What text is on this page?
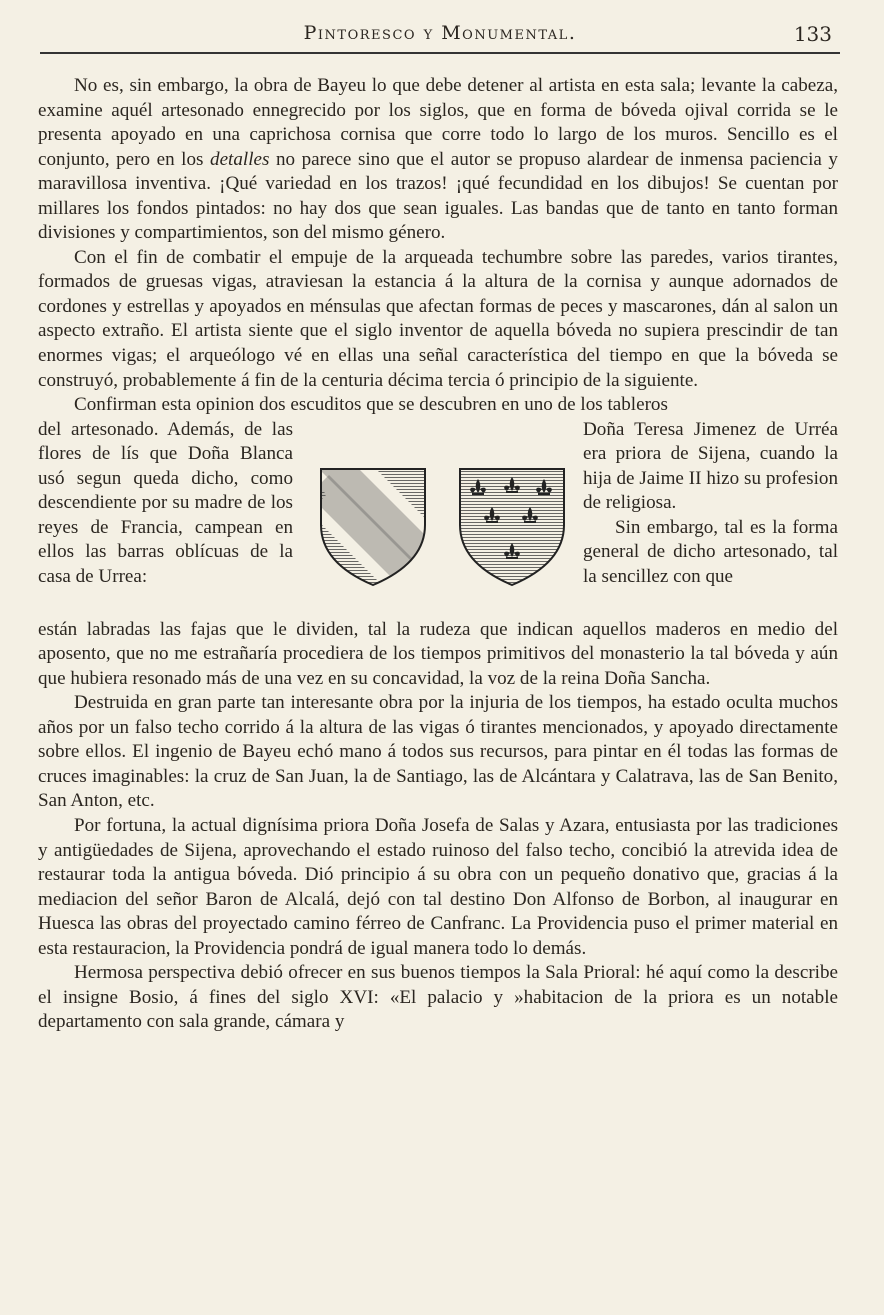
Pintoresco y Monumental.	133

No es, sin embargo, la obra de Bayeu lo que debe detener al artista en esta sala; levante la cabeza, examine aquél artesonado ennegrecido por los siglos, que en forma de bóveda ojival corrida se le presenta apoyado en una caprichosa cornisa que corre todo lo largo de los muros. Sencillo es el conjunto, pero en los detalles no parece sino que el autor se propuso alardear de inmensa paciencia y maravillosa inventiva. ¡Qué variedad en los trazos! ¡qué fecundidad en los dibujos! Se cuentan por millares los fondos pintados: no hay dos que sean iguales. Las bandas que de tanto en tanto forman divisiones y compartimientos, son del mismo género.

Con el fin de combatir el empuje de la arqueada techumbre sobre las paredes, varios tirantes, formados de gruesas vigas, atraviesan la estancia á la altura de la cornisa y aunque adornados de cordones y estrellas y apoyados en ménsulas que afectan formas de peces y mascarones, dán al salon un aspecto extraño. El artista siente que el siglo inventor de aquella bóveda no supiera prescindir de tan enormes vigas; el arqueólogo vé en ellas una señal característica del tiempo en que la bóveda se construyó, probablemente á fin de la centuria décima tercia ó principio de la siguiente.

Confirman esta opinion dos escuditos que se descubren en uno de los tableros

del artesonado. Además, de las flores de lís que Doña Blanca usó segun queda dicho, como descendiente por su madre de los reyes de Francia, campean en ellos las barras oblícuas de la casa de Urrea:

Doña Teresa Jimenez de Urréa era priora de Sijena, cuando la hija de Jaime II hizo su profesion de religiosa.

Sin embargo, tal es la forma general de dicho artesonado, tal la sencillez con que

están labradas las fajas que le dividen, tal la rudeza que indican aquellos maderos en medio del aposento, que no me estrañaría procediera de los tiempos primitivos del monasterio la tal bóveda y aún que hubiera resonado más de una vez en su concavidad, la voz de la reina Doña Sancha.

Destruida en gran parte tan interesante obra por la injuria de los tiempos, ha estado oculta muchos años por un falso techo corrido á la altura de las vigas ó tirantes mencionados, y apoyado directamente sobre ellos. El ingenio de Bayeu echó mano á todos sus recursos, para pintar en él todas las formas de cruces imaginables: la cruz de San Juan, la de Santiago, las de Alcántara y Calatrava, las de San Benito, San Anton, etc.

Por fortuna, la actual dignísima priora Doña Josefa de Salas y Azara, entusiasta por las tradiciones y antigüedades de Sijena, aprovechando el estado ruinoso del falso techo, concibió la atrevida idea de restaurar toda la antigua bóveda. Dió principio á su obra con un pequeño donativo que, gracias á la mediacion del señor Baron de Alcalá, dejó con tal destino Don Alfonso de Borbon, al inaugurar en Huesca las obras del proyectado camino férreo de Canfranc. La Providencia puso el primer material en esta restauracion, la Providencia pondrá de igual manera todo lo demás.

Hermosa perspectiva debió ofrecer en sus buenos tiempos la Sala Prioral: hé aquí como la describe el insigne Bosio, á fines del siglo XVI: «El palacio y »habitacion de la priora es un notable departamento con sala grande, cámara y
